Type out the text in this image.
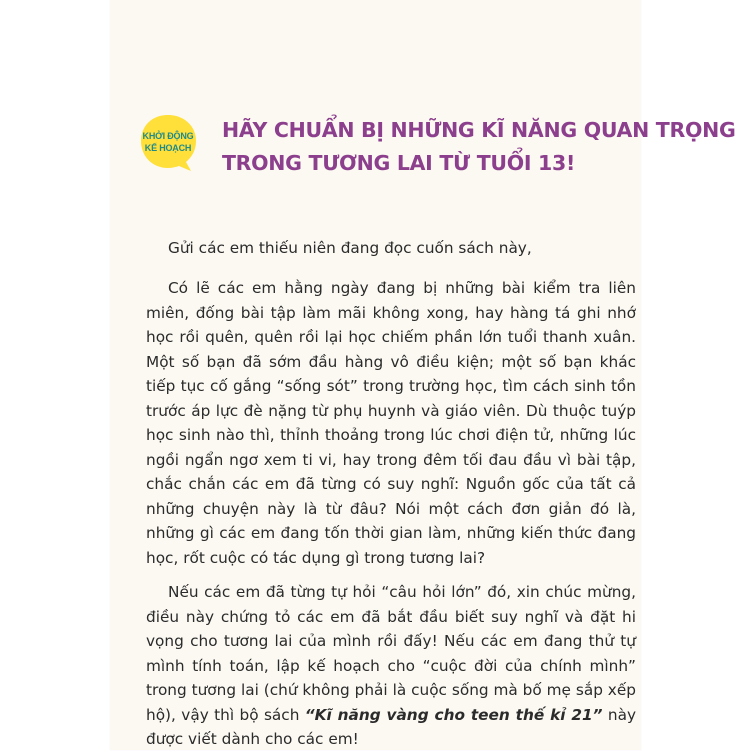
KHỞI ĐỘNG
KẾ HOẠCH
HÃY CHUẨN BỊ NHỮNG KĨ NĂNG QUAN TRỌNG
TRONG TƯƠNG LAI TỪ TUỔI 13!

Gửi các em thiếu niên đang đọc cuốn sách này,

Có lẽ các em hằng ngày đang bị những bài kiểm tra liên miên, đống bài tập làm mãi không xong, hay hàng tá ghi nhớ học rồi quên, quên rồi lại học chiếm phần lớn tuổi thanh xuân. Một số bạn đã sớm đầu hàng vô điều kiện; một số bạn khác tiếp tục cố gắng “sống sót” trong trường học, tìm cách sinh tồn trước áp lực đè nặng từ phụ huynh và giáo viên. Dù thuộc tuýp học sinh nào thì, thỉnh thoảng trong lúc chơi điện tử, những lúc ngồi ngẩn ngơ xem ti vi, hay trong đêm tối đau đầu vì bài tập, chắc chắn các em đã từng có suy nghĩ: Nguồn gốc của tất cả những chuyện này là từ đâu? Nói một cách đơn giản đó là, những gì các em đang tốn thời gian làm, những kiến thức đang học, rốt cuộc có tác dụng gì trong tương lai?

Nếu các em đã từng tự hỏi “câu hỏi lớn” đó, xin chúc mừng, điều này chứng tỏ các em đã bắt đầu biết suy nghĩ và đặt hi vọng cho tương lai của mình rồi đấy! Nếu các em đang thử tự mình tính toán, lập kế hoạch cho “cuộc đời của chính mình” trong tương lai (chứ không phải là cuộc sống mà bố mẹ sắp xếp hộ), vậy thì bộ sách “Kĩ năng vàng cho teen thế kỉ 21” này được viết dành cho các em!
